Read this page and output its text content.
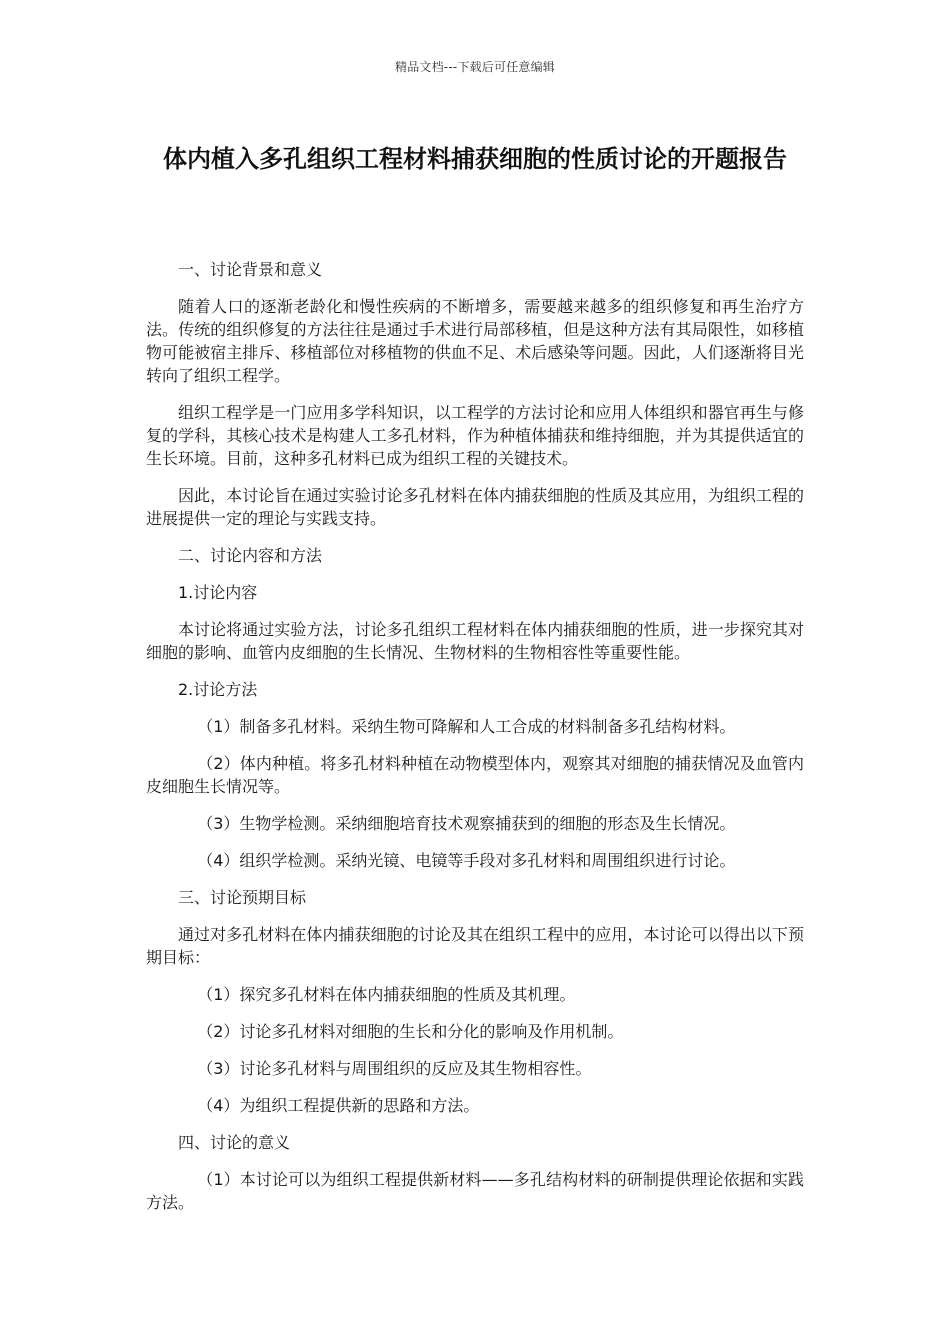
精品文档---下载后可任意编辑
体内植入多孔组织工程材料捕获细胞的性质讨论的开题报告

一、讨论背景和意义

随着人口的逐渐老龄化和慢性疾病的不断增多，需要越来越多的组织修复和再生治疗方法。传统的组织修复的方法往往是通过手术进行局部移植，但是这种方法有其局限性，如移植物可能被宿主排斥、移植部位对移植物的供血不足、术后感染等问题。因此，人们逐渐将目光转向了组织工程学。

组织工程学是一门应用多学科知识，以工程学的方法讨论和应用人体组织和器官再生与修复的学科，其核心技术是构建人工多孔材料，作为种植体捕获和维持细胞，并为其提供适宜的生长环境。目前，这种多孔材料已成为组织工程的关键技术。

因此，本讨论旨在通过实验讨论多孔材料在体内捕获细胞的性质及其应用，为组织工程的进展提供一定的理论与实践支持。

二、讨论内容和方法

1.讨论内容

本讨论将通过实验方法，讨论多孔组织工程材料在体内捕获细胞的性质，进一步探究其对细胞的影响、血管内皮细胞的生长情况、生物材料的生物相容性等重要性能。

2.讨论方法

（1）制备多孔材料。采纳生物可降解和人工合成的材料制备多孔结构材料。

（2）体内种植。将多孔材料种植在动物模型体内，观察其对细胞的捕获情况及血管内皮细胞生长情况等。

（3）生物学检测。采纳细胞培育技术观察捕获到的细胞的形态及生长情况。

（4）组织学检测。采纳光镜、电镜等手段对多孔材料和周围组织进行讨论。

三、讨论预期目标

通过对多孔材料在体内捕获细胞的讨论及其在组织工程中的应用，本讨论可以得出以下预期目标：

（1）探究多孔材料在体内捕获细胞的性质及其机理。

（2）讨论多孔材料对细胞的生长和分化的影响及作用机制。

（3）讨论多孔材料与周围组织的反应及其生物相容性。

（4）为组织工程提供新的思路和方法。

四、讨论的意义

（1）本讨论可以为组织工程提供新材料——多孔结构材料的研制提供理论依据和实践方法。
